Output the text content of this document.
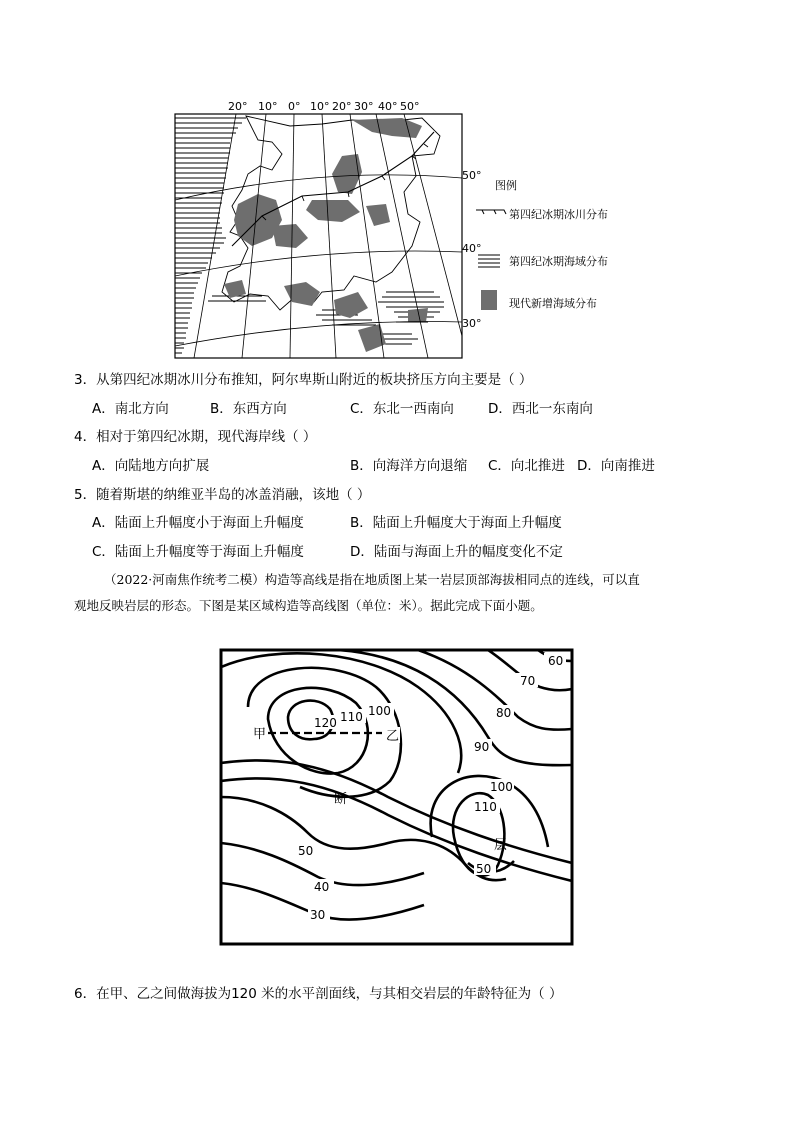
20° 10° 0° 10° 20° 30° 40° 50°
50°
40°
30°
图例
第四纪冰期冰川分布
第四纪冰期海域分布
现代新增海域分布
3．从第四纪冰期冰川分布推知，阿尔卑斯山附近的板块挤压方向主要是（ ）
A．南北方向	B．东西方向	C．东北一西南向	D．西北一东南向
4．相对于第四纪冰期，现代海岸线（ ）
A．向陆地方向扩展	B．向海洋方向退缩 C．向北推进 D．向南推进
5．随着斯堪的纳维亚半岛的冰盖消融，该地（ ）
A．陆面上升幅度小于海面上升幅度	B．陆面上升幅度大于海面上升幅度
C．陆面上升幅度等于海面上升幅度	D．陆面与海面上升的幅度变化不定
（2022·河南焦作统考二模）构造等高线是指在地质图上某一岩层顶部海拔相同点的连线，可以直
观地反映岩层的形态。下图是某区域构造等高线图（单位：米）。据此完成下面小题。
60
70
80
90
100
110
120
100
110
50
50
40
30
甲	乙
断
层
6．在甲、乙之间做海拔为120 米的水平剖面线，与其相交岩层的年龄特征为（ ）
